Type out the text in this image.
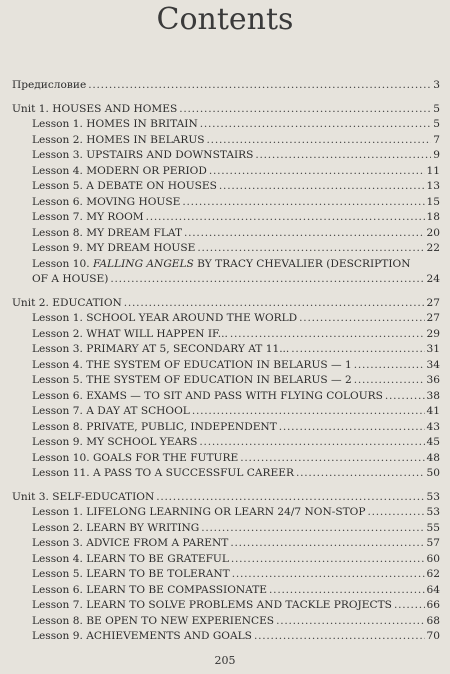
Contents
Предисловие . . .	3
Unit 1. HOUSES AND HOMES . . .	5
Lesson 1. HOMES IN BRITAIN . . .	5
Lesson 2. HOMES IN BELARUS . . .	7
Lesson 3. UPSTAIRS AND DOWNSTAIRS . . .	9
Lesson 4. MODERN OR PERIOD . . .	11
Lesson 5. A DEBATE ON HOUSES . . .	13
Lesson 6. MOVING HOUSE . . .	15
Lesson 7. MY ROOM . . .	18
Lesson 8. MY DREAM FLAT . . .	20
Lesson 9. MY DREAM HOUSE . . .	22
Lesson 10. FALLING ANGELS BY TRACY CHEVALIER (DESCRIPTION
OF A HOUSE) . . .	24
Unit 2. EDUCATION . . .	27
Lesson 1. SCHOOL YEAR AROUND THE WORLD . . .	27
Lesson 2. WHAT WILL HAPPEN IF... . . .	29
Lesson 3. PRIMARY AT 5, SECONDARY AT 11... . . .	31
Lesson 4. THE SYSTEM OF EDUCATION IN BELARUS — 1 . . .	34
Lesson 5. THE SYSTEM OF EDUCATION IN BELARUS — 2 . . .	36
Lesson 6. EXAMS — TO SIT AND PASS WITH FLYING COLOURS . . .	38
Lesson 7. A DAY AT SCHOOL . . .	41
Lesson 8. PRIVATE, PUBLIC, INDEPENDENT . . .	43
Lesson 9. MY SCHOOL YEARS . . .	45
Lesson 10. GOALS FOR THE FUTURE . . .	48
Lesson 11. A PASS TO A SUCCESSFUL CAREER . . .	50
Unit 3. SELF-EDUCATION . . .	53
Lesson 1. LIFELONG LEARNING OR LEARN 24/7 NON-STOP . . .	53
Lesson 2. LEARN BY WRITING . . .	55
Lesson 3. ADVICE FROM A PARENT . . .	57
Lesson 4. LEARN TO BE GRATEFUL . . .	60
Lesson 5. LEARN TO BE TOLERANT . . .	62
Lesson 6. LEARN TO BE COMPASSIONATE . . .	64
Lesson 7. LEARN TO SOLVE PROBLEMS AND TACKLE PROJECTS . . .	66
Lesson 8. BE OPEN TO NEW EXPERIENCES . . .	68
Lesson 9. ACHIEVEMENTS AND GOALS . . .	70
205
